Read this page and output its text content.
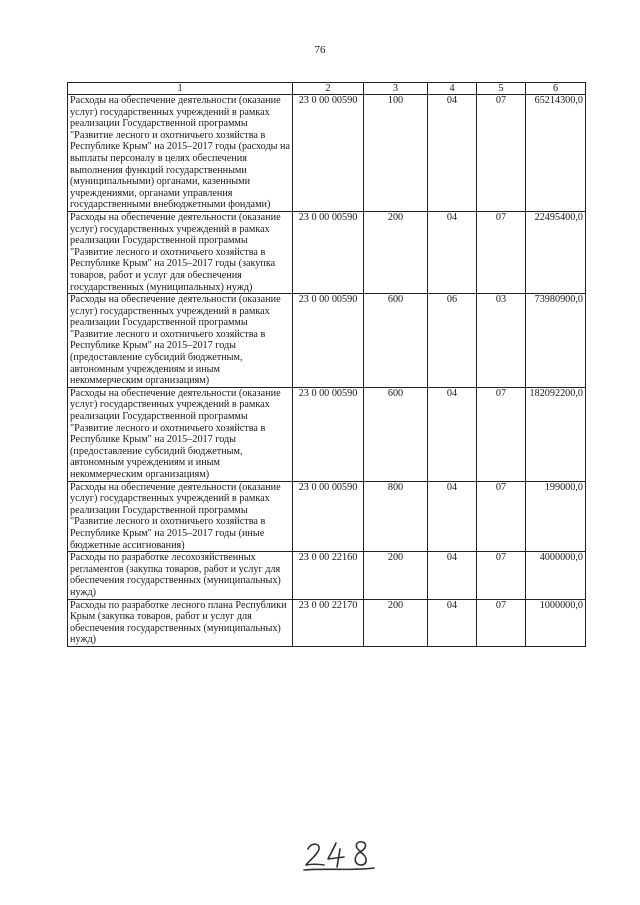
76
1	2	3	4	5	6
Расходы на обеспечение деятельности (оказание услуг) государственных учреждений в рамках реализации Государственной программы "Развитие лесного и охотничьего хозяйства в Республике Крым" на 2015–2017 годы (расходы на выплаты персоналу в целях обеспечения выполнения функций государственными (муниципальными) органами, казенными учреждениями, органами управления государственными внебюджетными фондами)	23 0 00 00590	100	04	07	65214300,0
Расходы на обеспечение деятельности (оказание услуг) государственных учреждений в рамках реализации Государственной программы "Развитие лесного и охотничьего хозяйства в Республике Крым" на 2015–2017 годы (закупка товаров, работ и услуг для обеспечения государственных (муниципальных) нужд)	23 0 00 00590	200	04	07	22495400,0
Расходы на обеспечение деятельности (оказание услуг) государственных учреждений в рамках реализации Государственной программы "Развитие лесного и охотничьего хозяйства в Республике Крым" на 2015–2017 годы (предоставление субсидий бюджетным, автономным учреждениям и иным некоммерческим организациям)	23 0 00 00590	600	06	03	73980900,0
Расходы на обеспечение деятельности (оказание услуг) государственных учреждений в рамках реализации Государственной программы "Развитие лесного и охотничьего хозяйства в Республике Крым" на 2015–2017 годы (предоставление субсидий бюджетным, автономным учреждениям и иным некоммерческим организациям)	23 0 00 00590	600	04	07	182092200,0
Расходы на обеспечение деятельности (оказание услуг) государственных учреждений в рамках реализации Государственной программы "Развитие лесного и охотничьего хозяйства в Республике Крым" на 2015–2017 годы (иные бюджетные ассигнования)	23 0 00 00590	800	04	07	199000,0
Расходы по разработке лесохозяйственных регламентов (закупка товаров, работ и услуг для обеспечения государственных (муниципальных) нужд)	23 0 00 22160	200	04	07	4000000,0
Расходы по разработке лесного плана Республики Крым (закупка товаров, работ и услуг для обеспечения государственных (муниципальных) нужд)	23 0 00 22170	200	04	07	1000000,0
